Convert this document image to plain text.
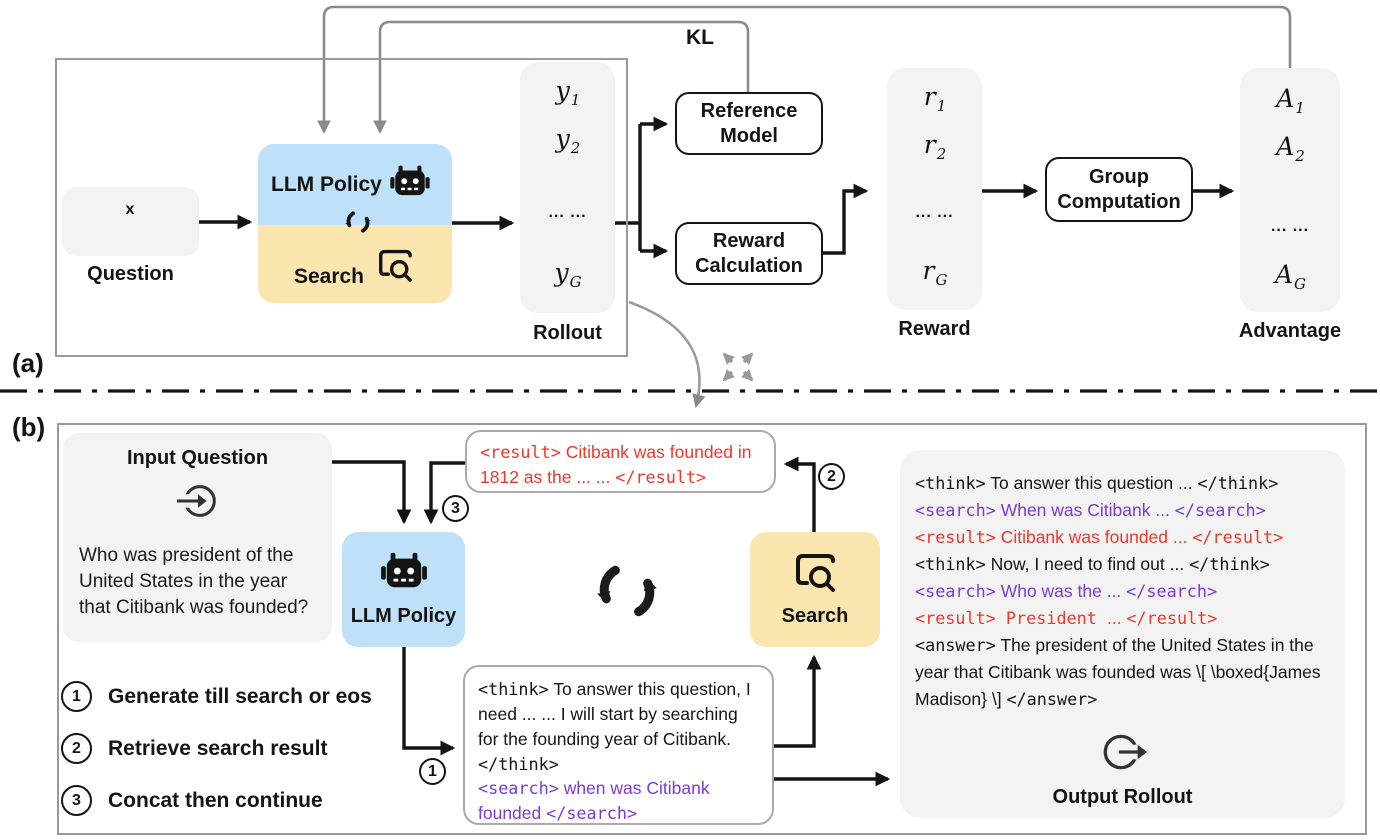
(a)
KL
x
Question
LLM Policy
Search
$y_1$
$y_2$
... ...
$y_G$
Rollout
Reference
Model
Reward
Calculation
$r_1$
$r_2$
... ...
$r_G$
Reward
Group
Computation
$A_1$
$A_2$
... ...
$A_G$
Advantage
(b)
Input Question
Who was president of the United States in the year that Citibank was founded?
<result> Citibank was founded in 1812 as the ... ... </result>
3
2
1
LLM Policy	Search
<think> To answer this question, I need ... ... I will start by searching for the founding year of Citibank. </think>
<search> when was Citibank founded </search>
<think> To answer this question ... </think>
<search> When was Citibank ... </search>
<result> Citibank was founded ... </result>
<think> Now, I need to find out ... </think>
<search> Who was the ... </search>
<result> President ... </result>
<answer> The president of the United States in the year that Citibank was founded was \[ \boxed{James Madison} \] </answer>
Output Rollout
1	Generate till search or eos
2	Retrieve search result
3	Concat then continue
